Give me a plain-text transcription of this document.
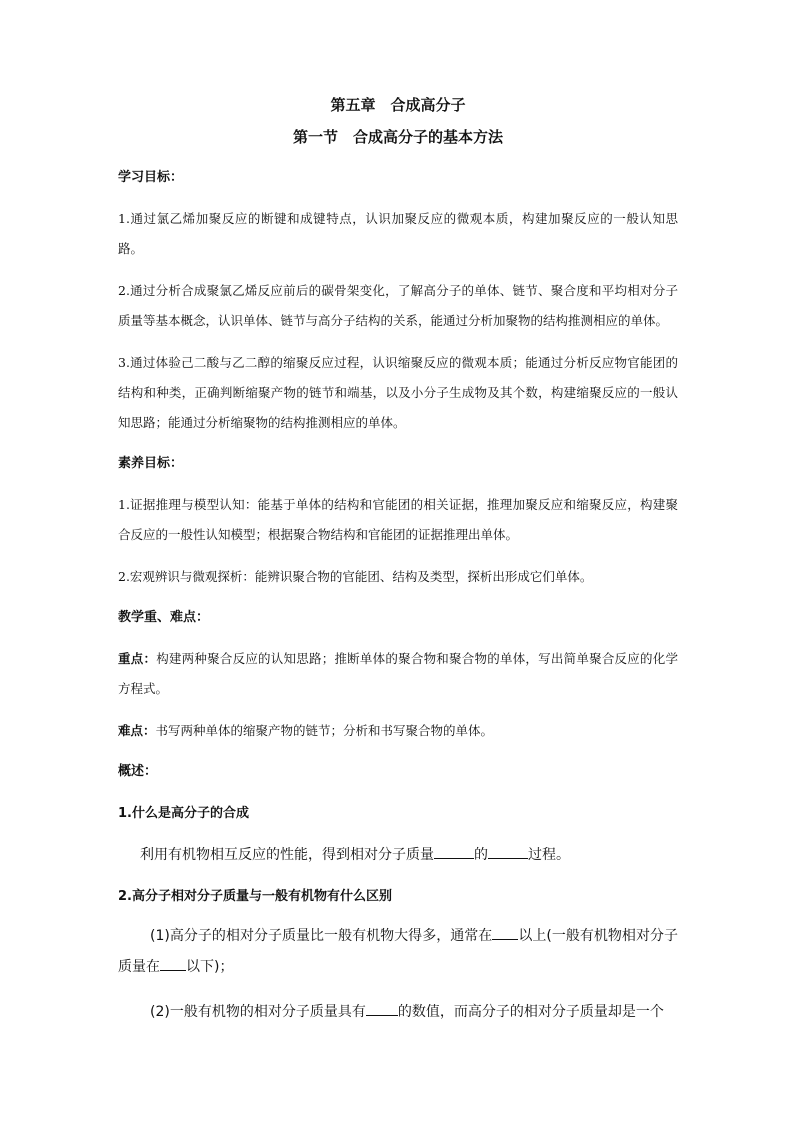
第五章　合成高分子

第一节　合成高分子的基本方法

学习目标：

1.通过氯乙烯加聚反应的断键和成键特点，认识加聚反应的微观本质，构建加聚反应的一般认知思路。

2.通过分析合成聚氯乙烯反应前后的碳骨架变化，了解高分子的单体、链节、聚合度和平均相对分子质量等基本概念，认识单体、链节与高分子结构的关系，能通过分析加聚物的结构推测相应的单体。

3.通过体验己二酸与乙二醇的缩聚反应过程，认识缩聚反应的微观本质；能通过分析反应物官能团的结构和种类，正确判断缩聚产物的链节和端基，以及小分子生成物及其个数，构建缩聚反应的一般认知思路；能通过分析缩聚物的结构推测相应的单体。

素养目标：

1.证据推理与模型认知：能基于单体的结构和官能团的相关证据，推理加聚反应和缩聚反应，构建聚合反应的一般性认知模型；根据聚合物结构和官能团的证据推理出单体。

2.宏观辨识与微观探析：能辨识聚合物的官能团、结构及类型，探析出形成它们单体。

教学重、难点：

重点：构建两种聚合反应的认知思路；推断单体的聚合物和聚合物的单体，写出简单聚合反应的化学方程式。

难点：书写两种单体的缩聚产物的链节；分析和书写聚合物的单体。

概述：

1.什么是高分子的合成

利用有机物相互反应的性能，得到相对分子质量	的	过程。

2.高分子相对分子质量与一般有机物有什么区别

(1)高分子的相对分子质量比一般有机物大得多，通常在 以上(一般有机物相对分子质量在 以下)；

(2)一般有机物的相对分子质量具有 的数值，而高分子的相对分子质量却是一个
